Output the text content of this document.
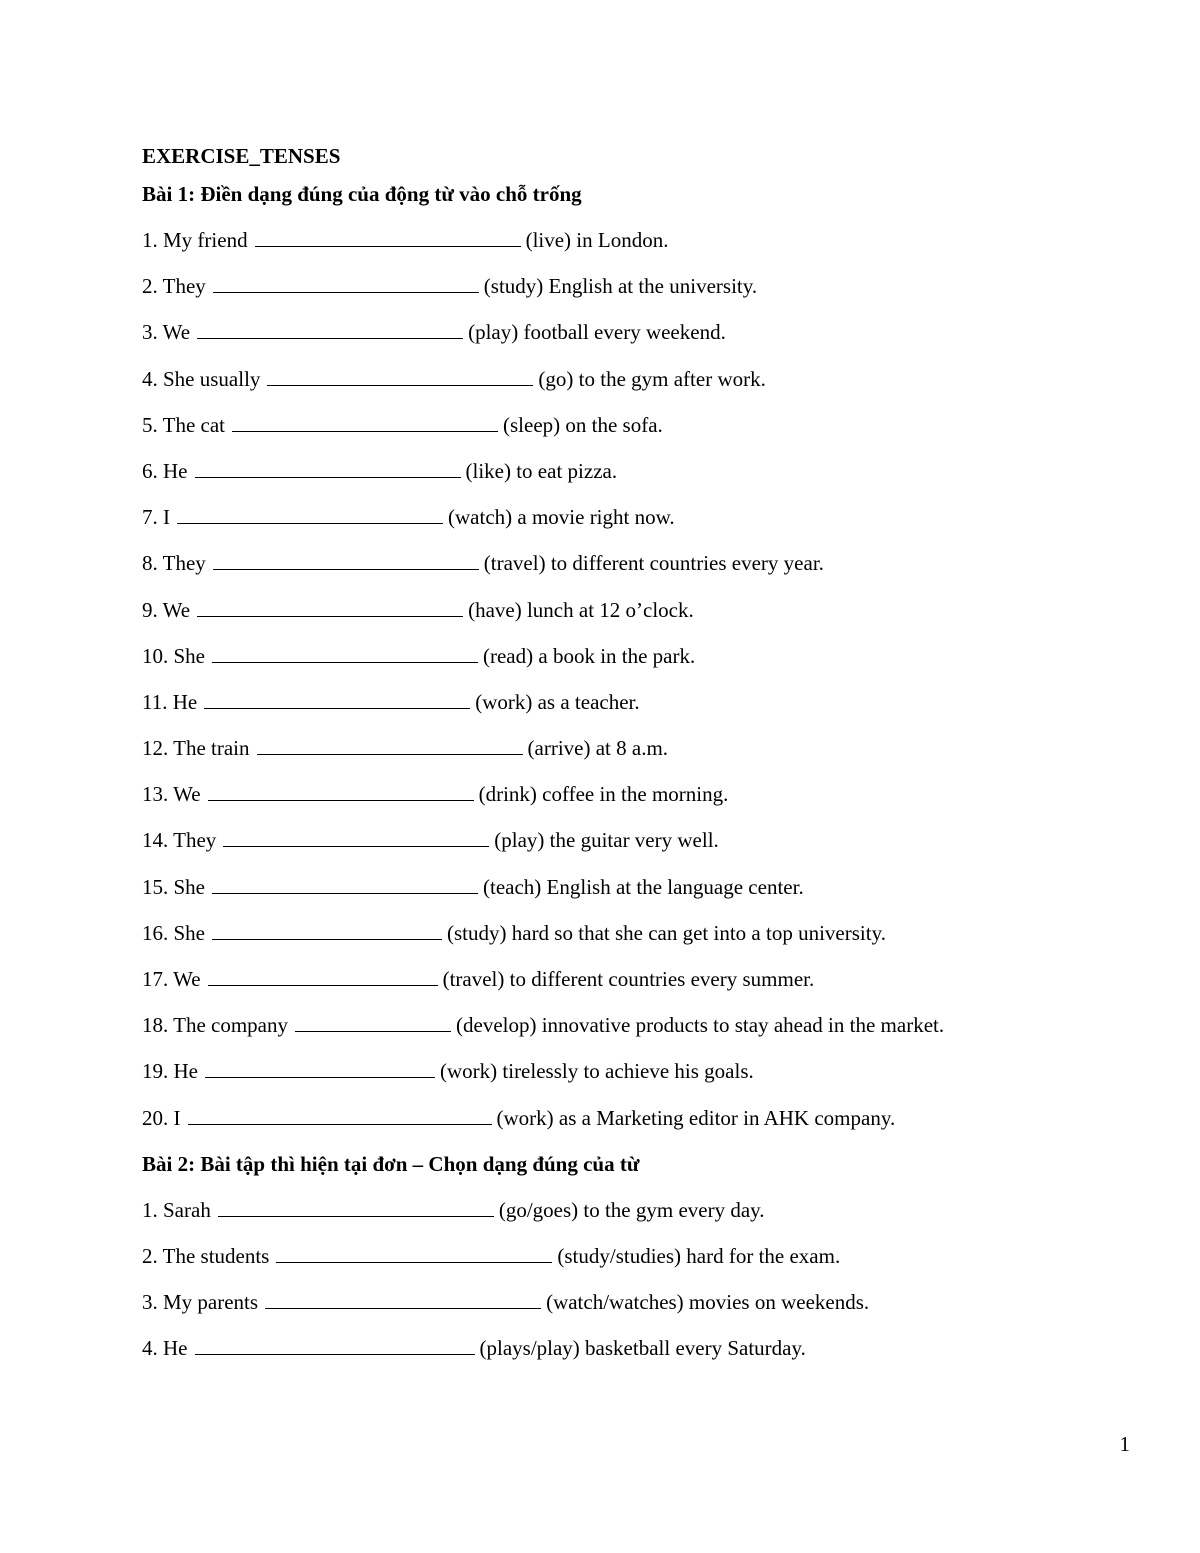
EXERCISE_TENSES
Bài 1: Điền dạng đúng của động từ vào chỗ trống
1. My friend	(live) in London.
2. They	(study) English at the university.
3. We	(play) football every weekend.
4. She usually	(go) to the gym after work.
5. The cat	(sleep) on the sofa.
6. He	(like) to eat pizza.
7. I	(watch) a movie right now.
8. They	(travel) to different countries every year.
9. We	(have) lunch at 12 o’clock.
10. She	(read) a book in the park.
11. He	(work) as a teacher.
12. The train	(arrive) at 8 a.m.
13. We	(drink) coffee in the morning.
14. They	(play) the guitar very well.
15. She	(teach) English at the language center.
16. She	(study) hard so that she can get into a top university.
17. We	(travel) to different countries every summer.
18. The company	(develop) innovative products to stay ahead in the market.
19. He	(work) tirelessly to achieve his goals.
20. I	(work) as a Marketing editor in AHK company.
Bài 2: Bài tập thì hiện tại đơn – Chọn dạng đúng của từ
1. Sarah	(go/goes) to the gym every day.
2. The students	(study/studies) hard for the exam.
3. My parents	(watch/watches) movies on weekends.
4. He	(plays/play) basketball every Saturday.
1
